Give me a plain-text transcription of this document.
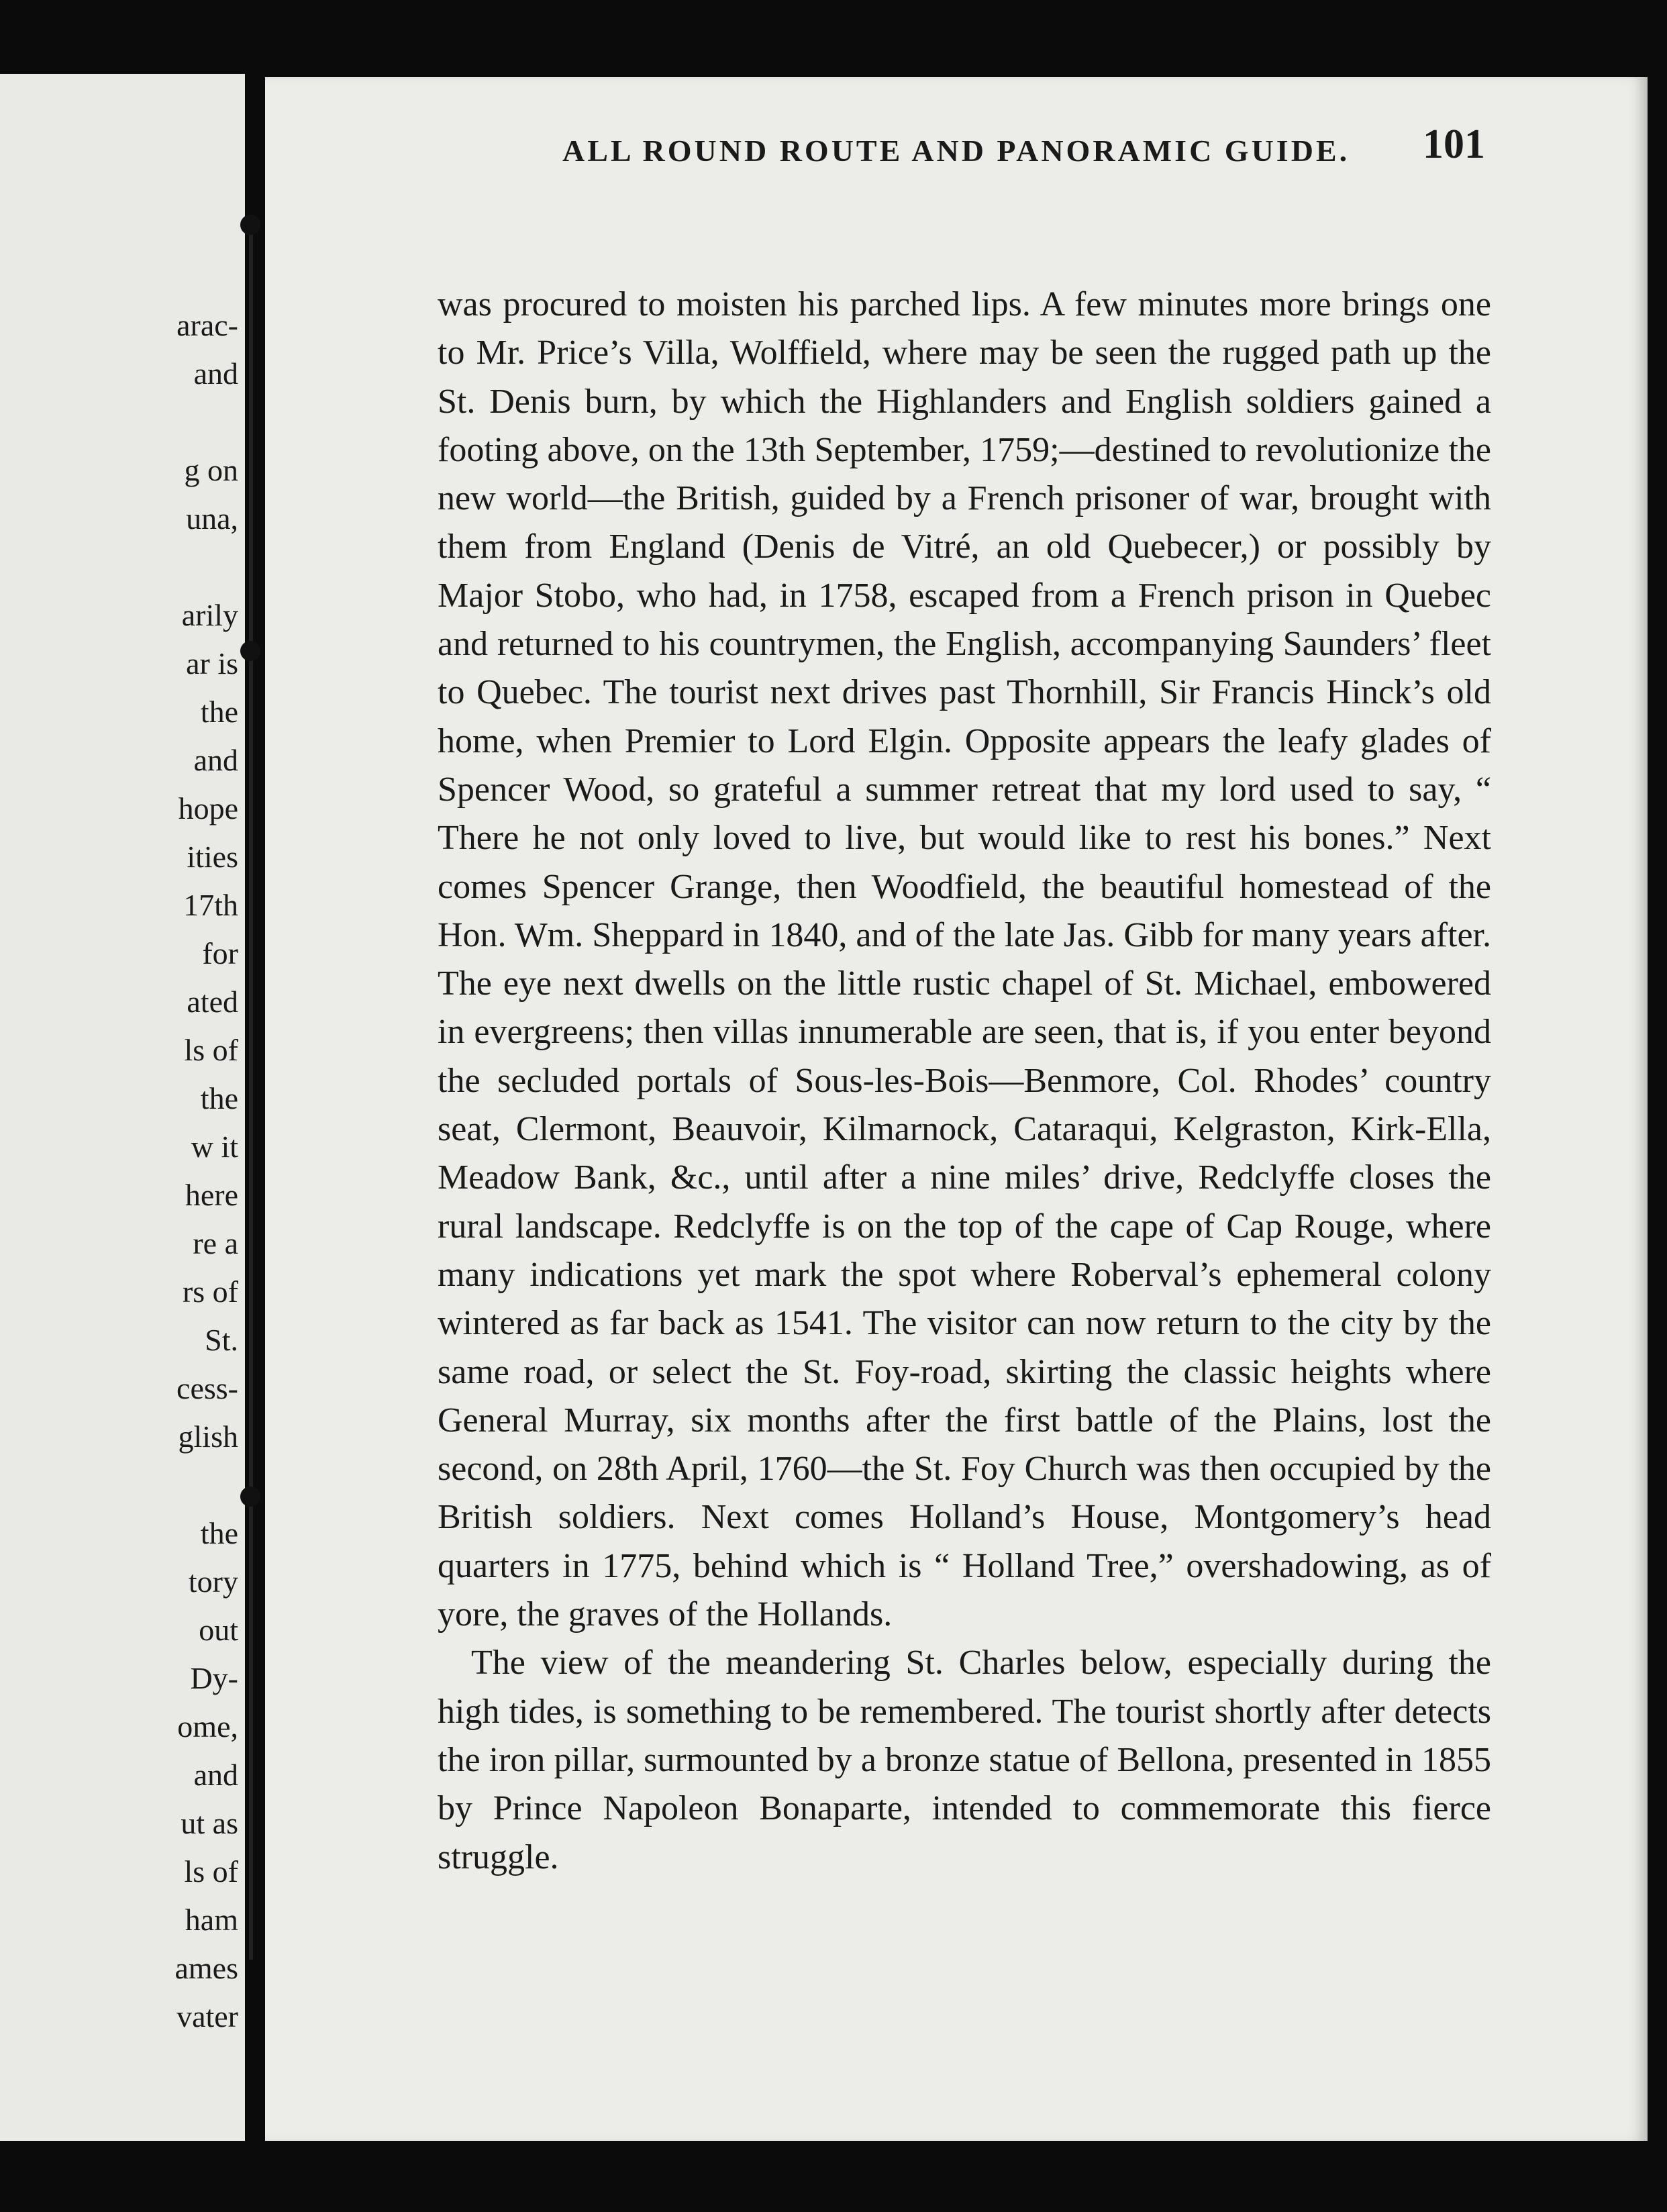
arac-
and
g on
una,
arily
ar is
the
and
hope
ities
17th
for
ated
ls of
the
w it
here
re a
rs of
St.
cess-
glish
the
tory
out
Dy-
ome,
and
ut as
ls of
ham
ames
vater
ALL ROUND ROUTE AND PANORAMIC GUIDE. 101

was procured to moisten his parched lips. A few minutes more brings one to Mr. Price’s Villa, Wolffield, where may be seen the rugged path up the St. Denis burn, by which the Highlanders and English soldiers gained a footing above, on the 13th September, 1759;—destined to revolutionize the new world—the British, guided by a French prisoner of war, brought with them from England (Denis de Vitré, an old Quebecer,) or possibly by Major Stobo, who had, in 1758, escaped from a French prison in Quebec and returned to his countrymen, the English, accompanying Saunders’ fleet to Quebec. The tourist next drives past Thornhill, Sir Francis Hinck’s old home, when Premier to Lord Elgin. Opposite appears the leafy glades of Spencer Wood, so grateful a summer retreat that my lord used to say, “ There he not only loved to live, but would like to rest his bones.” Next comes Spencer Grange, then Woodfield, the beautiful homestead of the Hon. Wm. Sheppard in 1840, and of the late Jas. Gibb for many years after. The eye next dwells on the little rustic chapel of St. Michael, embowered in evergreens; then villas innumerable are seen, that is, if you enter beyond the secluded portals of Sous-les-Bois—Benmore, Col. Rhodes’ country seat, Clermont, Beauvoir, Kilmarnock, Cataraqui, Kelgraston, Kirk-Ella, Meadow Bank, &c., until after a nine miles’ drive, Redclyffe closes the rural landscape. Redclyffe is on the top of the cape of Cap Rouge, where many indications yet mark the spot where Roberval’s ephemeral colony wintered as far back as 1541. The visitor can now return to the city by the same road, or select the St. Foy-road, skirting the classic heights where General Murray, six months after the first battle of the Plains, lost the second, on 28th April, 1760—the St. Foy Church was then occupied by the British soldiers. Next comes Holland’s House, Montgomery’s head quarters in 1775, behind which is “ Holland Tree,” overshadowing, as of yore, the graves of the Hollands.

The view of the meandering St. Charles below, especially during the high tides, is something to be remembered. The tourist shortly after detects the iron pillar, surmounted by a bronze statue of Bellona, presented in 1855 by Prince Napoleon Bonaparte, intended to commemorate this fierce struggle.
